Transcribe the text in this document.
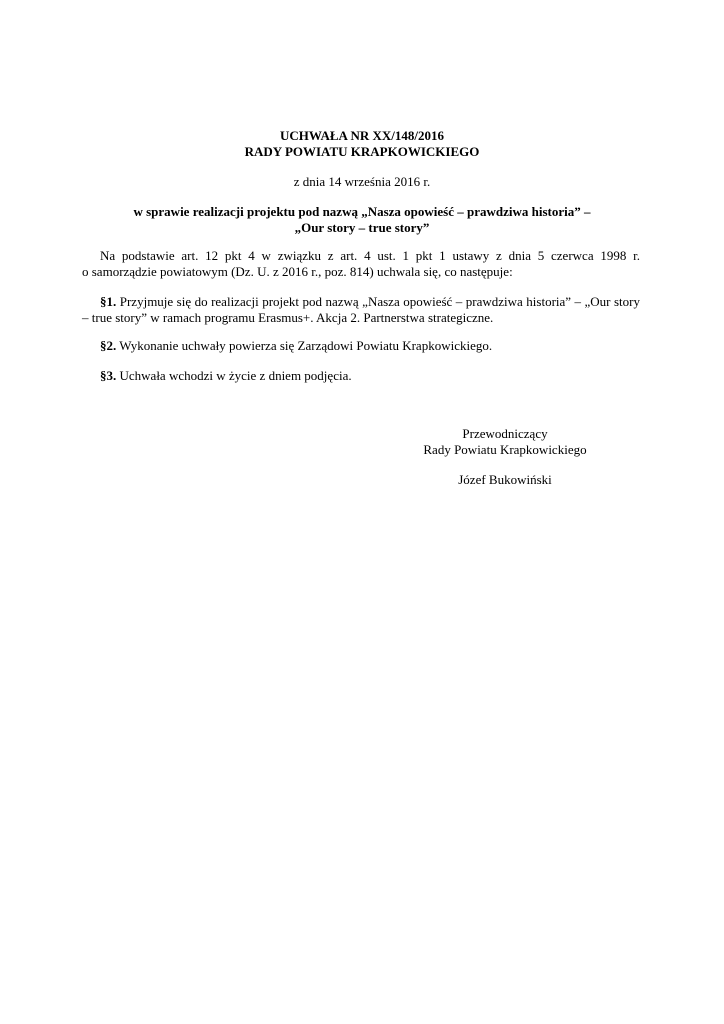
UCHWAŁA NR XX/148/2016

RADY POWIATU KRAPKOWICKIEGO

z dnia 14 września 2016 r.

w sprawie realizacji projektu pod nazwą „Nasza opowieść – prawdziwa historia” –

„Our story – true story”

Na podstawie art. 12 pkt 4 w związku z art. 4 ust. 1 pkt 1 ustawy z dnia 5 czerwca 1998 r.
o samorządzie powiatowym (Dz. U. z 2016 r., poz. 814) uchwala się, co następuje:
§1. Przyjmuje się do realizacji projekt pod nazwą „Nasza opowieść – prawdziwa historia” – „Our story
– true story” w ramach programu Erasmus+. Akcja 2. Partnerstwa strategiczne.
§2. Wykonanie uchwały powierza się Zarządowi Powiatu Krapkowickiego.
§3. Uchwała wchodzi w życie z dniem podjęcia.

Przewodniczący

Rady Powiatu Krapkowickiego

Józef Bukowiński
